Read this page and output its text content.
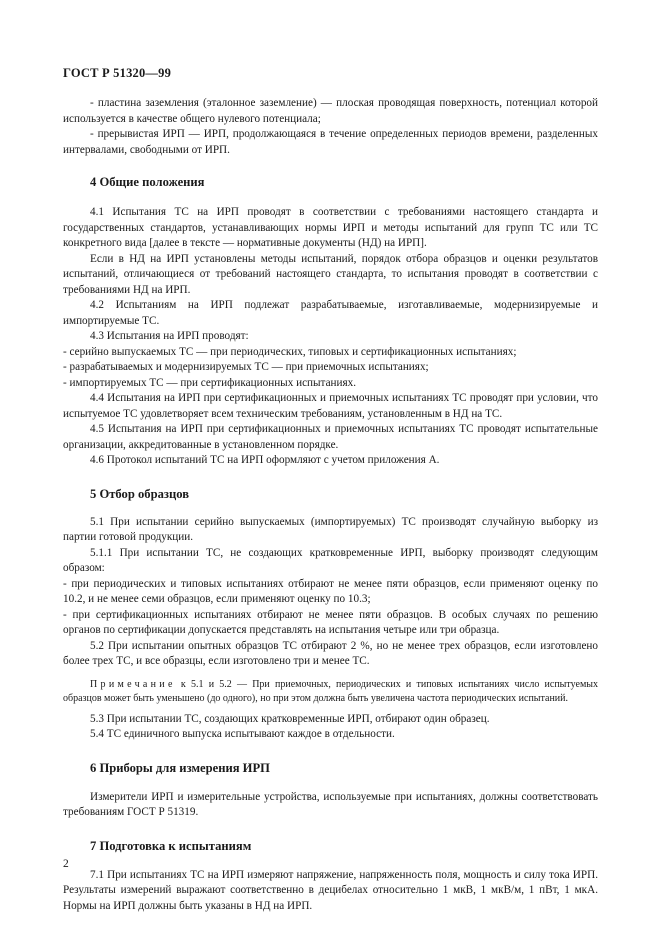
ГОСТ Р 51320—99

- пластина заземления (эталонное заземление) — плоская проводящая поверхность, потенциал которой используется в качестве общего нулевого потенциала;

- прерывистая ИРП — ИРП, продолжающаяся в течение определенных периодов времени, разделенных интервалами, свободными от ИРП.

4 Общие положения

4.1 Испытания ТС на ИРП проводят в соответствии с требованиями настоящего стандарта и государственных стандартов, устанавливающих нормы ИРП и методы испытаний для групп ТС или ТС конкретного вида [далее в тексте — нормативные документы (НД) на ИРП].

Если в НД на ИРП установлены методы испытаний, порядок отбора образцов и оценки результатов испытаний, отличающиеся от требований настоящего стандарта, то испытания проводят в соответствии с требованиями НД на ИРП.

4.2 Испытаниям на ИРП подлежат разрабатываемые, изготавливаемые, модернизируемые и импортируемые ТС.

4.3 Испытания на ИРП проводят:

- серийно выпускаемых ТС — при периодических, типовых и сертификационных испытаниях;

- разрабатываемых и модернизируемых ТС — при приемочных испытаниях;

- импортируемых ТС — при сертификационных испытаниях.

4.4 Испытания на ИРП при сертификационных и приемочных испытаниях ТС проводят при условии, что испытуемое ТС удовлетворяет всем техническим требованиям, установленным в НД на ТС.

4.5 Испытания на ИРП при сертификационных и приемочных испытаниях ТС проводят испытательные организации, аккредитованные в установленном порядке.

4.6 Протокол испытаний ТС на ИРП оформляют с учетом приложения А.

5 Отбор образцов

5.1 При испытании серийно выпускаемых (импортируемых) ТС производят случайную выборку из партии готовой продукции.

5.1.1 При испытании ТС, не создающих кратковременные ИРП, выборку производят следующим образом:

- при периодических и типовых испытаниях отбирают не менее пяти образцов, если применяют оценку по 10.2, и не менее семи образцов, если применяют оценку по 10.3;

- при сертификационных испытаниях отбирают не менее пяти образцов. В особых случаях по решению органов по сертификации допускается представлять на испытания четыре или три образца.

5.2 При испытании опытных образцов ТС отбирают 2 %, но не менее трех образцов, если изготовлено более трех ТС, и все образцы, если изготовлено три и менее ТС.

Примечание к 5.1 и 5.2 — При приемочных, периодических и типовых испытаниях число испытуемых образцов может быть уменьшено (до одного), но при этом должна быть увеличена частота периодических испытаний.

5.3 При испытании ТС, создающих кратковременные ИРП, отбирают один образец.

5.4 ТС единичного выпуска испытывают каждое в отдельности.

6 Приборы для измерения ИРП

Измерители ИРП и измерительные устройства, используемые при испытаниях, должны соответствовать требованиям ГОСТ Р 51319.

7 Подготовка к испытаниям

7.1 При испытаниях ТС на ИРП измеряют напряжение, напряженность поля, мощность и силу тока ИРП. Результаты измерений выражают соответственно в децибелах относительно 1 мкВ, 1 мкВ/м, 1 пВт, 1 мкА. Нормы на ИРП должны быть указаны в НД на ИРП.

2
